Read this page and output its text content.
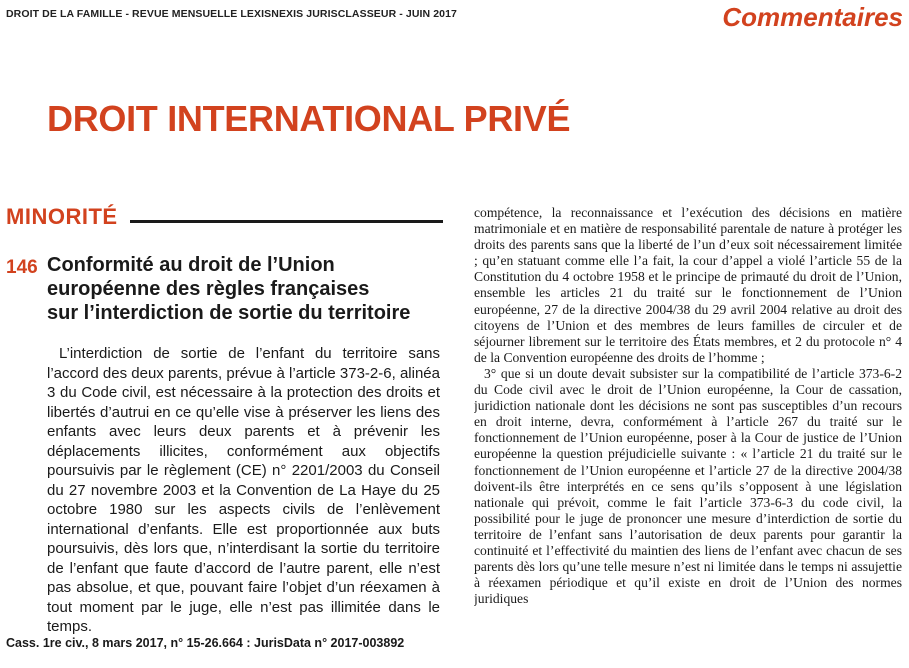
DROIT DE LA FAMILLE - REVUE MENSUELLE LEXISNEXIS JURISCLASSEUR - JUIN 2017	Commentaires
DROIT INTERNATIONAL PRIVÉ
MINORITÉ
146 Conformité au droit de l’Union
européenne des règles françaises
sur l’interdiction de sortie du territoire

L’interdiction de sortie de l’enfant du territoire sans l’accord des deux parents, prévue à l’article 373-2-6, alinéa 3 du Code civil, est nécessaire à la protection des droits et libertés d’autrui en ce qu’elle vise à préserver les liens des enfants avec leurs deux parents et à prévenir les déplacements illicites, conformément aux objectifs poursuivis par le règlement (CE) n° 2201/2003 du Conseil du 27 novembre 2003 et la Convention de La Haye du 25 octobre 1980 sur les aspects civils de l’enlèvement international d’enfants. Elle est proportionnée aux buts poursuivis, dès lors que, n’interdisant la sortie du territoire de l’enfant que faute d’accord de l’autre parent, elle n’est pas absolue, et que, pouvant faire l’objet d’un réexamen à tout moment par le juge, elle n’est pas illimitée dans le temps.

Cass. 1re civ., 8 mars 2017, n° 15-26.664 : JurisData n° 2017-003892

compétence, la reconnaissance et l’exécution des décisions en matière matrimoniale et en matière de responsabilité parentale de nature à protéger les droits des parents sans que la liberté de l’un d’eux soit nécessairement limitée ; qu’en statuant comme elle l’a fait, la cour d’appel a violé l’article 55 de la Constitution du 4 octobre 1958 et le principe de primauté du droit de l’Union, ensemble les articles 21 du traité sur le fonctionnement de l’Union européenne, 27 de la directive 2004/38 du 29 avril 2004 relative au droit des citoyens de l’Union et des membres de leurs familles de circuler et de séjourner librement sur le territoire des États membres, et 2 du protocole n° 4 de la Convention européenne des droits de l’homme ;

3° que si un doute devait subsister sur la compatibilité de l’article 373-6-2 du Code civil avec le droit de l’Union européenne, la Cour de cassation, juridiction nationale dont les décisions ne sont pas susceptibles d’un recours en droit interne, devra, conformément à l’article 267 du traité sur le fonctionnement de l’Union européenne, poser à la Cour de justice de l’Union européenne la question préjudicielle suivante : « l’article 21 du traité sur le fonctionnement de l’Union européenne et l’article 27 de la directive 2004/38 doivent-ils être interprétés en ce sens qu’ils s’opposent à une législation nationale qui prévoit, comme le fait l’article 373-6-3 du code civil, la possibilité pour le juge de prononcer une mesure d’interdiction de sortie du territoire de l’enfant sans l’autorisation de deux parents pour garantir la continuité et l’effectivité du maintien des liens de l’enfant avec chacun de ses parents dès lors qu’une telle mesure n’est ni limitée dans le temps ni assujettie à réexamen périodique et qu’il existe en droit de l’Union des normes juridiques
